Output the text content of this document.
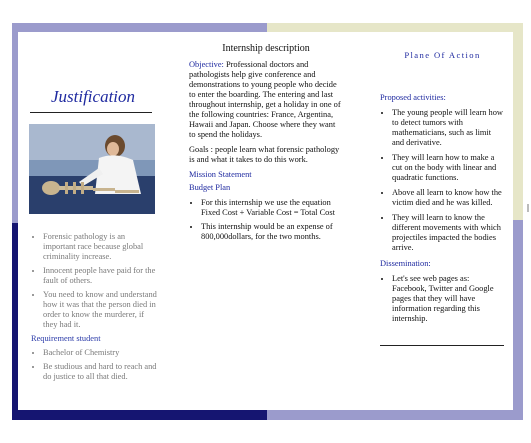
Justification
• Forensic pathology is an important race because global criminality increase.
• Innocent people have paid for the fault of others.
• You need to know and understand how it was that the person died in order to know the murderer, if they had it.
Requirement student
• Bachelor of Chemistry
• Be studious and hard to reach and do justice to all that died.
Internship description

Objective: Professional doctors and pathologists help give conference and demonstrations to young people who decide to enter the boarding. The entering and last throughout internship, get a holiday in one of the following countries: France, Argentina, Hawaii and Japan. Choose where they want to spend the holidays.

Goals : people learn what forensic pathology is and what it takes to do this work.

Mission Statement

Budget Plan

• For this internship we use the equation Fixed Cost + Variable Cost = Total Cost
• This internship would be an expense of 800,000dollars, for the two months.
Plane Of Action
Proposed activities:
• The young people will learn how to detect tumors with mathematicians, such as limit and derivative.
• They will learn how to make a cut on the body with linear and quadratic functions.
• Above all learn to know how the victim died and he was killed.
• They will learn to know the different movements with which projectiles impacted the bodies arrive.
Dissemination:
• Let's see web pages as: Facebook, Twitter and Google pages that they will have information regarding this internship.
